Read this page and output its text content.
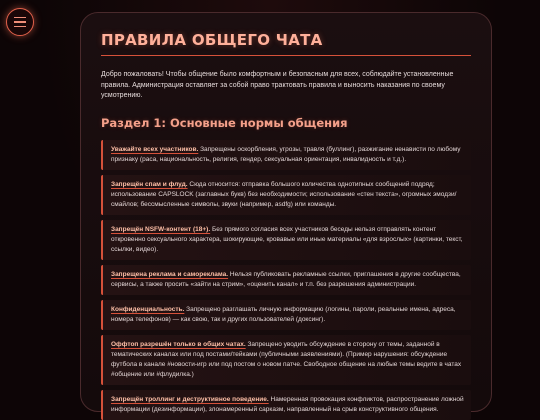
ПРАВИЛА ОБЩЕГО ЧАТА

Добро пожаловать! Чтобы общение было комфортным и безопасным для всех, соблюдайте установленные правила. Администрация оставляет за собой право трактовать правила и выносить наказания по своему усмотрению.

Раздел 1: Основные нормы общения
Уважайте всех участников. Запрещены оскорбления, угрозы, травля (буллинг), разжигание ненависти по любому признаку (раса, национальность, религия, гендер, сексуальная ориентация, инвалидность и т.д.).
Запрещён спам и флуд. Сюда относится: отправка большого количества однотипных сообщений подряд; использование CAPSLOCK (заглавных букв) без необходимости; использование «стен текста», огромных эмодзи/смайлов; бессмысленные символы, звуки (например, asdfg) или команды.
Запрещён NSFW-контент (18+). Без прямого согласия всех участников беседы нельзя отправлять контент откровенно сексуального характера, шокирующие, кровавые или иные материалы «для взрослых» (картинки, текст, ссылки, видео).
Запрещена реклама и самореклама. Нельзя публиковать рекламные ссылки, приглашения в другие сообщества, сервисы, а также просить «зайти на стрим», «оценить канал» и т.п. без разрешения администрации.
Конфиденциальность. Запрещено разглашать личную информацию (логины, пароли, реальные имена, адреса, номера телефонов) — как свою, так и других пользователей (доксинг).
Оффтоп разрешён только в общих чатах. Запрещено уводить обсуждение в сторону от темы, заданной в тематических каналах или под постами/тейками (публичными заявлениями). (Пример нарушения: обсуждение футбола в канале #новости-игр или под постом о новом патче. Свободное общение на любые темы ведите в чатах #общение или #флудилка.)
Запрещён троллинг и деструктивное поведение. Намеренная провокация конфликтов, распространение ложной информации (дезинформации), злонамеренный сарказм, направленный на срыв конструктивного общения.
